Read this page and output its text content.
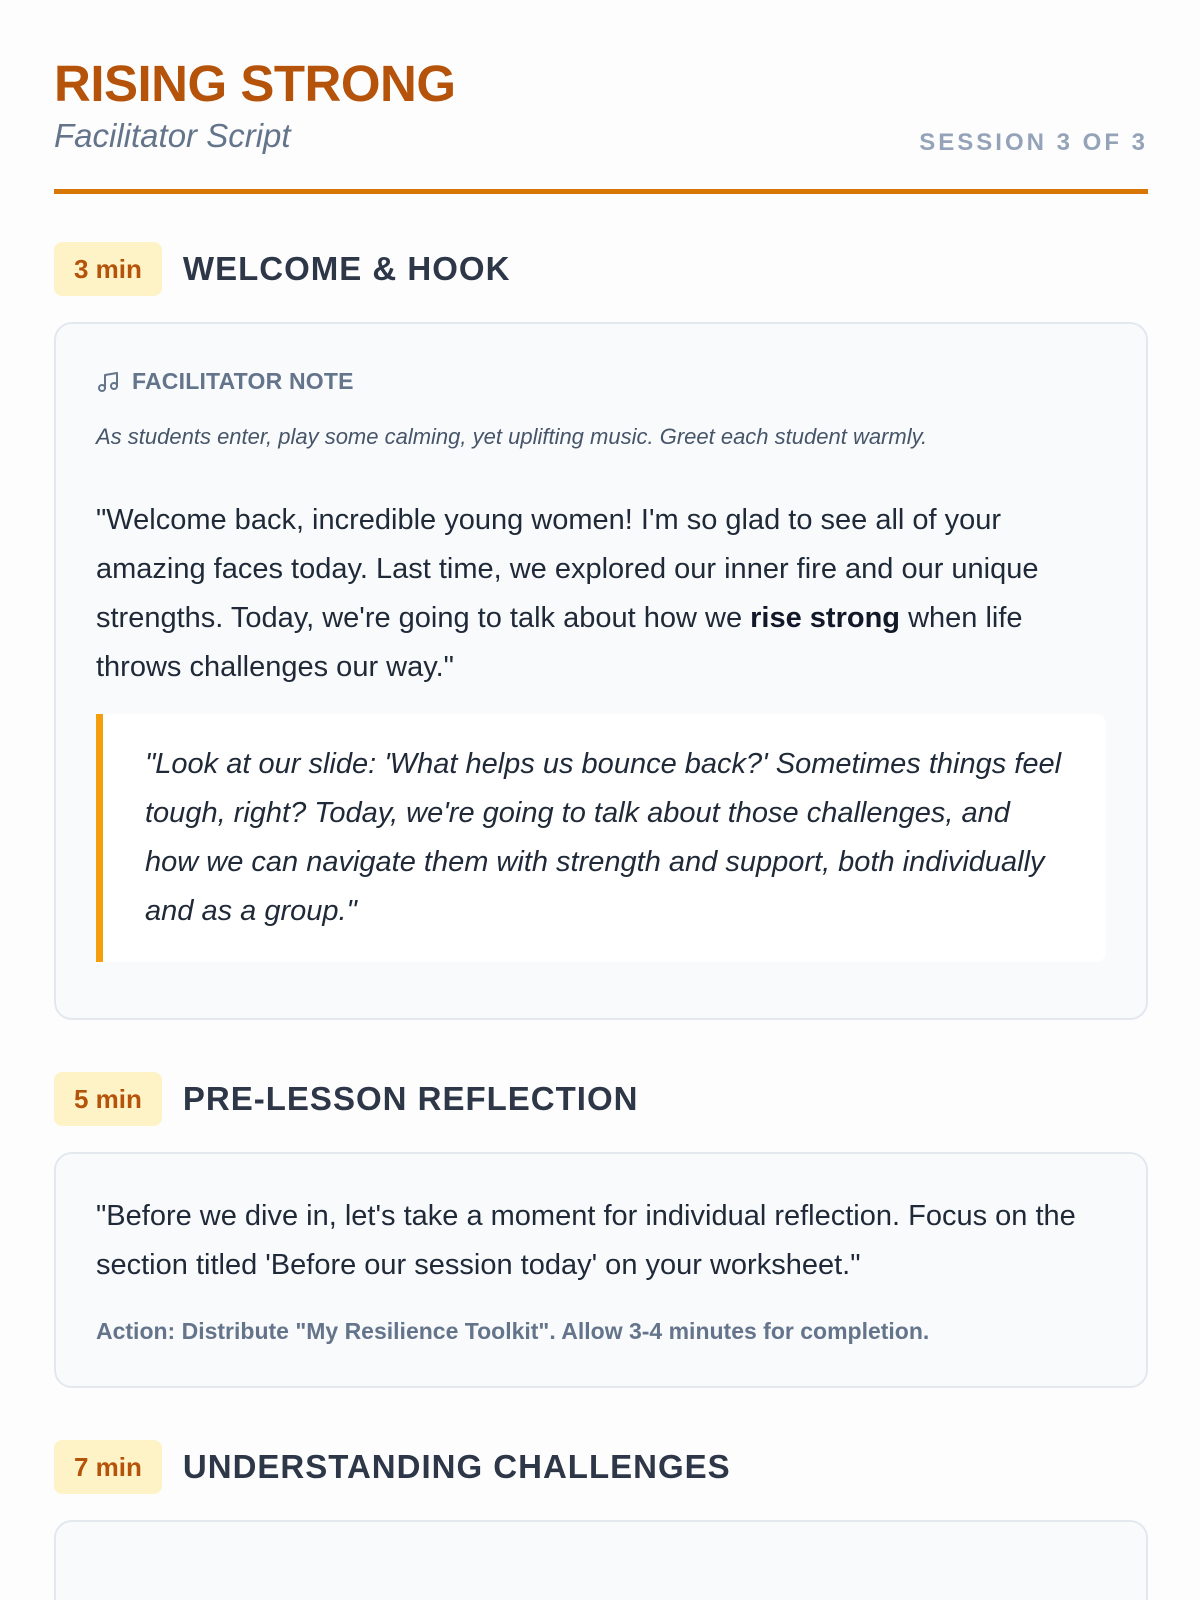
RISING STRONG
Facilitator Script	SESSION 3 OF 3
3 min	WELCOME & HOOK
FACILITATOR NOTE
As students enter, play some calming, yet uplifting music. Greet each student warmly.
"Welcome back, incredible young women! I'm so glad to see all of your amazing faces today. Last time, we explored our inner fire and our unique strengths. Today, we're going to talk about how we rise strong when life throws challenges our way."
"Look at our slide: 'What helps us bounce back?' Sometimes things feel tough, right? Today, we're going to talk about those challenges, and how we can navigate them with strength and support, both individually and as a group."
5 min	PRE-LESSON REFLECTION
"Before we dive in, let's take a moment for individual reflection. Focus on the section titled 'Before our session today' on your worksheet."
Action: Distribute "My Resilience Toolkit". Allow 3-4 minutes for completion.
7 min	UNDERSTANDING CHALLENGES
